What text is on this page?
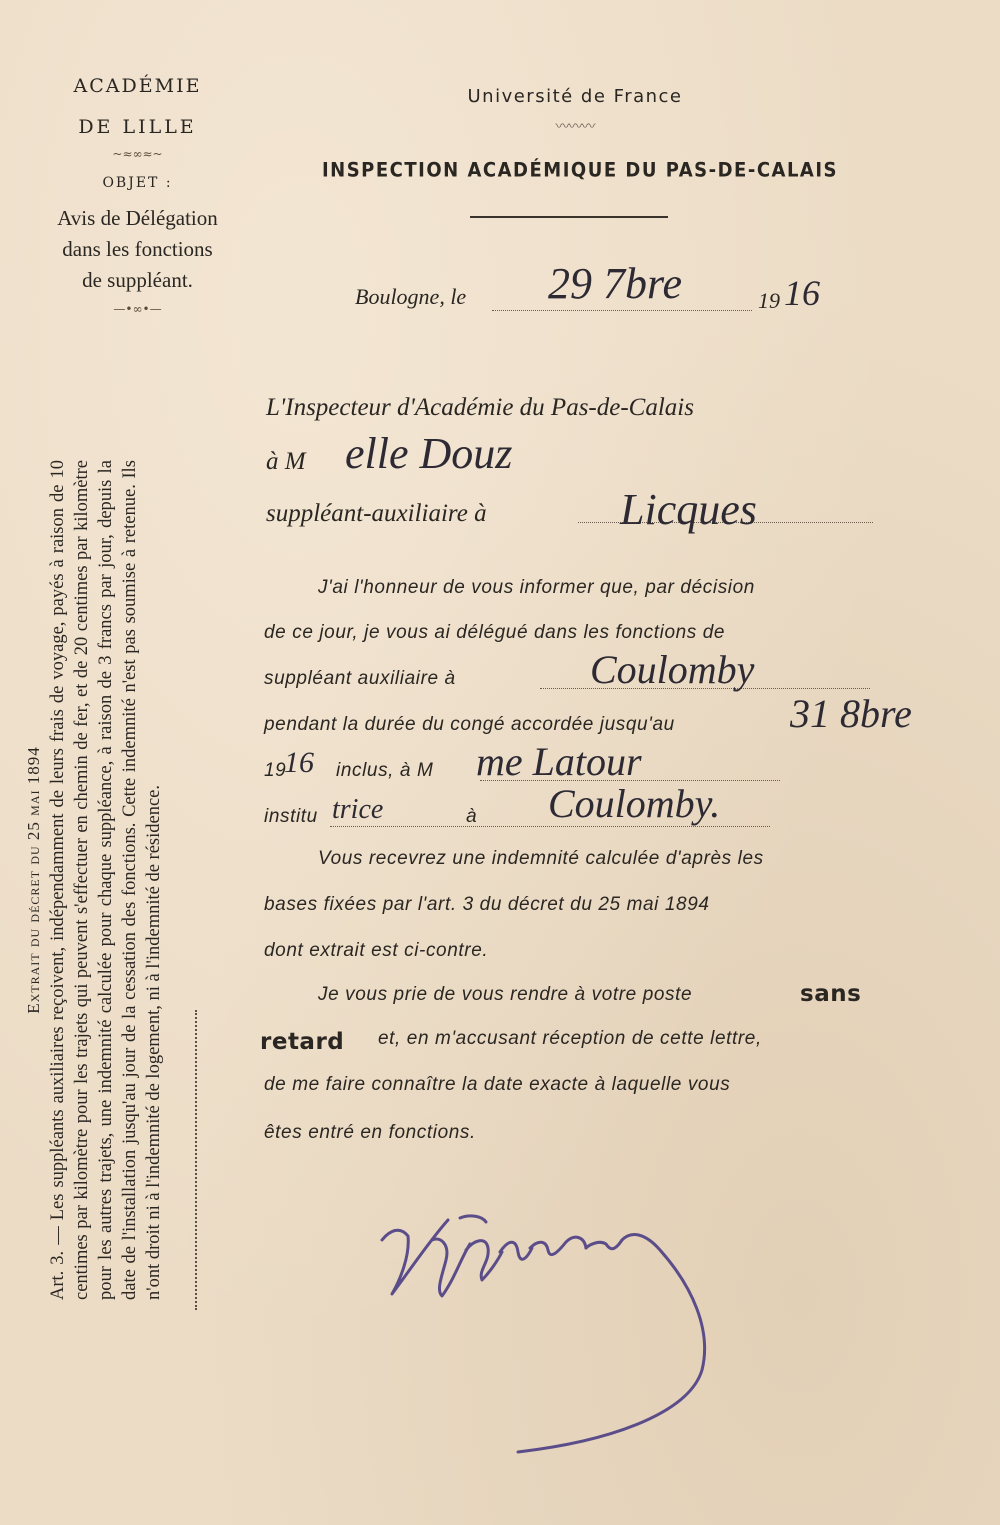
ACADÉMIE
DE LILLE
~≈∞≈~
OBJET :
Avis de Délégation
dans les fonctions
de suppléant.
—•∞•—
Université de France
〰〰〰
INSPECTION ACADÉMIQUE DU PAS-DE-CALAIS
Boulogne, le 29 7bre	19 16
L'Inspecteur d'Académie du Pas-de-Calais
à M elle Douz
suppléant-auxiliaire à	Licques
J'ai l'honneur de vous informer que, par décision
de ce jour, je vous ai délégué dans les fonctions de
suppléant auxiliaire à	Coulomby
pendant la durée du congé accordée jusqu'au	31 8bre
19
16 inclus, à M me Latour
institu trice	à Coulomby.
Vous recevrez une indemnité calculée d'après les
bases fixées par l'art. 3 du décret du 25 mai 1894
dont extrait est ci-contre.
Je vous prie de vous rendre à votre poste	sans
retard et, en m'accusant réception de cette lettre,
de me faire connaître la date exacte à laquelle vous
êtes entré en fonctions.
Extrait du décret du 25 mai 1894 Art. 3. — Les suppléants auxiliaires reçoivent, indépendamment de leurs frais de voyage, payés à raison de 10 centimes par kilomètre pour les trajets qui peuvent s'effectuer en chemin de fer, et de 20 centimes par kilomètre pour les autres trajets, une indemnité calculée pour chaque suppléance, à raison de 3 francs par jour, depuis la date de l'installation jusqu'au jour de la cessation des fonctions. Cette indemnité n'est pas soumise à retenue. Ils n'ont droit ni à l'indemnité de logement, ni à l'indemnité de résidence.
